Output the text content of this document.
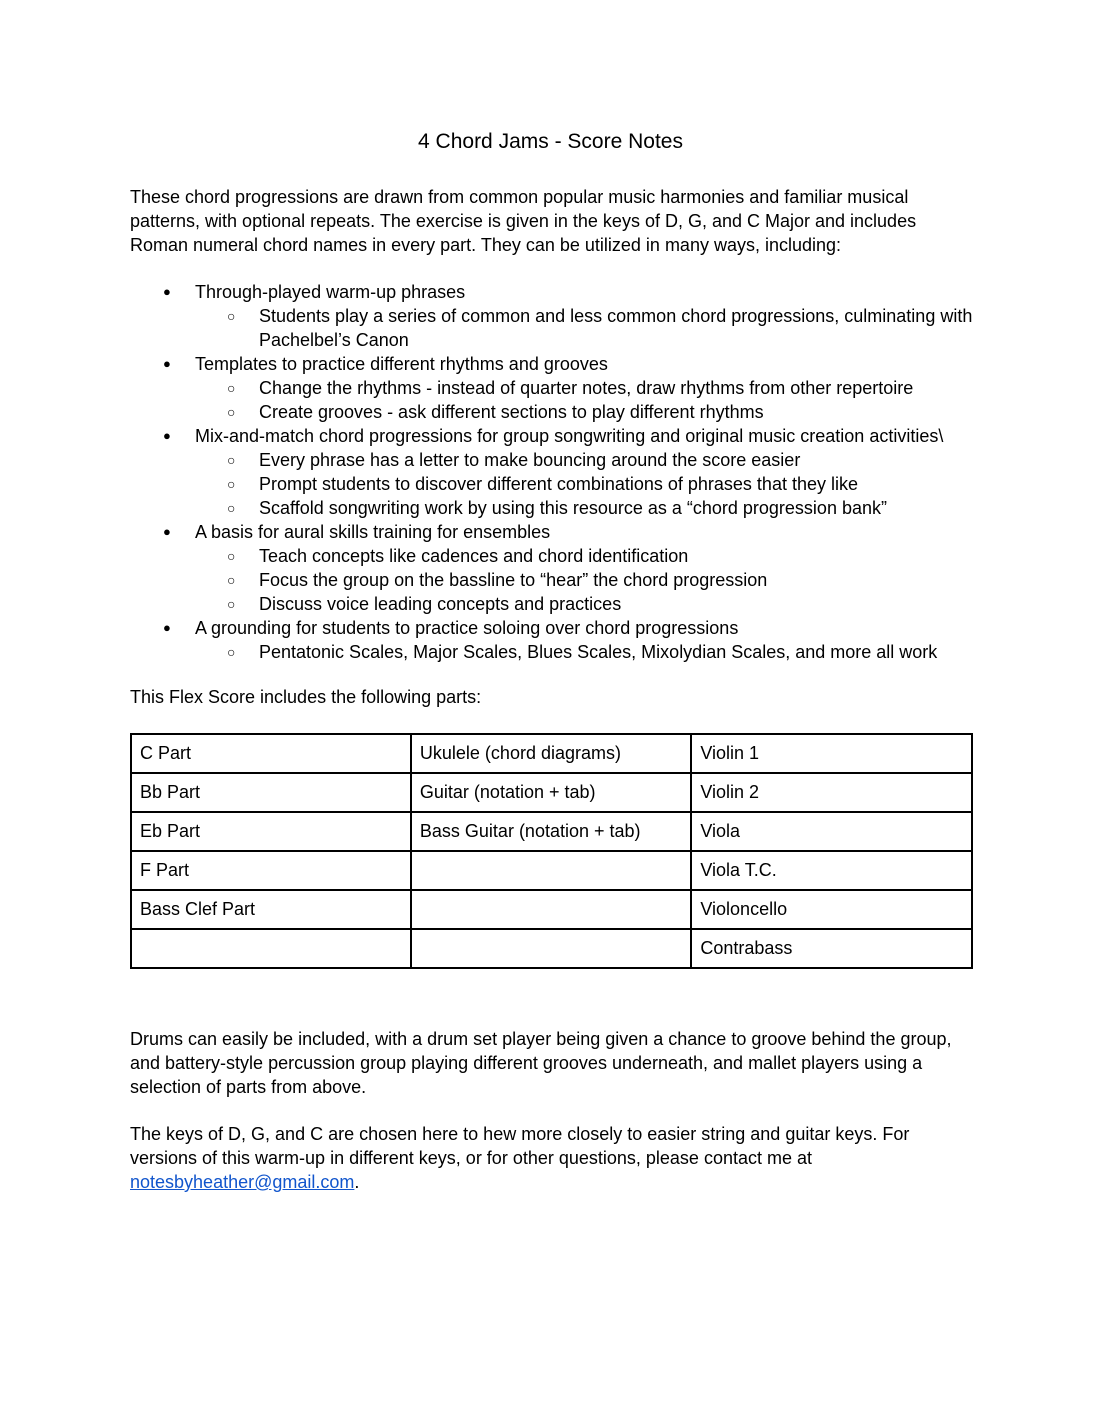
4 Chord Jams - Score Notes

These chord progressions are drawn from common popular music harmonies and familiar musical patterns, with optional repeats. The exercise is given in the keys of D, G, and C Major and includes Roman numeral chord names in every part. They can be utilized in many ways, including:

● Through-played warm-up phrases
○ Students play a series of common and less common chord progressions, culminating with Pachelbel’s Canon
● Templates to practice different rhythms and grooves
○ Change the rhythms - instead of quarter notes, draw rhythms from other repertoire
○ Create grooves - ask different sections to play different rhythms
● Mix-and-match chord progressions for group songwriting and original music creation activities\
○ Every phrase has a letter to make bouncing around the score easier
○ Prompt students to discover different combinations of phrases that they like
○ Scaffold songwriting work by using this resource as a “chord progression bank”
● A basis for aural skills training for ensembles
○ Teach concepts like cadences and chord identification
○ Focus the group on the bassline to “hear” the chord progression
○ Discuss voice leading concepts and practices
● A grounding for students to practice soloing over chord progressions
○ Pentatonic Scales, Major Scales, Blues Scales, Mixolydian Scales, and more all work

This Flex Score includes the following parts:

C Part	Ukulele (chord diagrams)	Violin 1
Bb Part	Guitar (notation + tab)	Violin 2
Eb Part	Bass Guitar (notation + tab)	Viola
F Part		Viola T.C.
Bass Clef Part		Violoncello
		Contrabass

Drums can easily be included, with a drum set player being given a chance to groove behind the group, and battery-style percussion group playing different grooves underneath, and mallet players using a selection of parts from above.

The keys of D, G, and C are chosen here to hew more closely to easier string and guitar keys. For versions of this warm-up in different keys, or for other questions, please contact me at notesbyheather@gmail.com.
